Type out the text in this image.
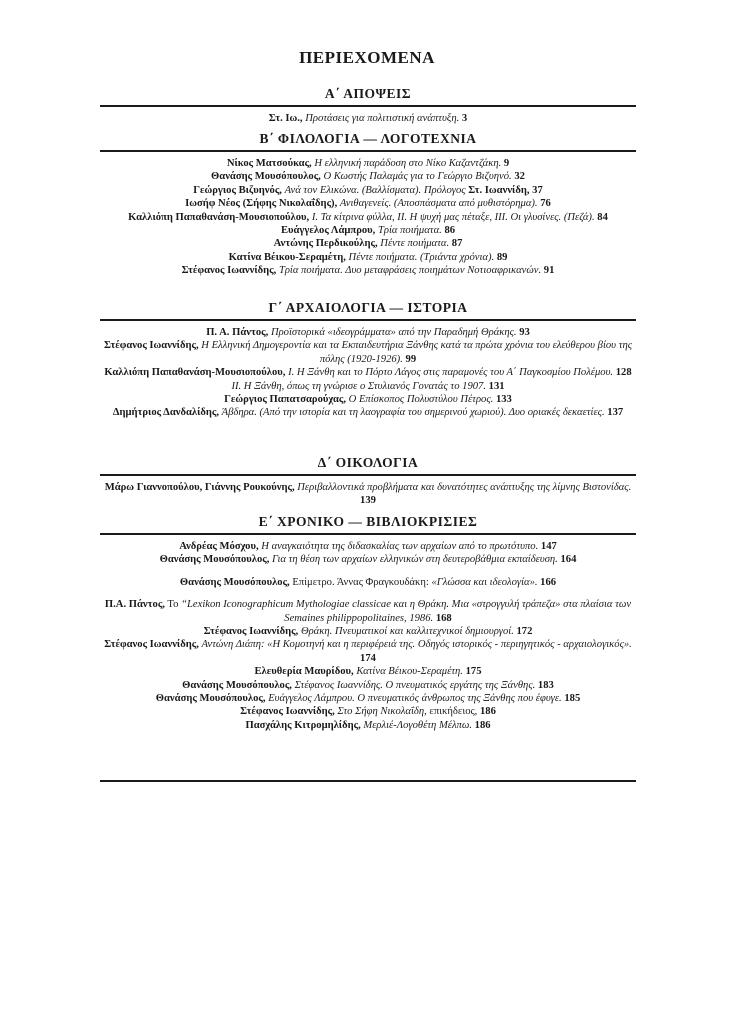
ΠΕΡΙΕΧΟΜΕΝΑ
Α΄ ΑΠΟΨΕΙΣ
Στ. Ιω., Προτάσεις για πολιτιστική ανάπτυξη. 3
Β΄ ΦΙΛΟΛΟΓΙΑ — ΛΟΓΟΤΕΧΝΙΑ
Νίκος Ματσούκας, Η ελληνική παράδοση στο Νίκο Καζαντζάκη. 9
Θανάσης Μουσόπουλος, Ο Κωστής Παλαμάς για το Γεώργιο Βιζυηνό. 32
Γεώργιος Βιζυηνός, Ανά τον Ελικώνα. (Βαλλίσματα). Πρόλογος Στ. Ιωαννίδη, 37
Ιωσήφ Νέος (Σήφης Νικολαΐδης), Ανιθαγενείς. (Αποσπάσματα από μυθιστόρημα). 76
Καλλιόπη Παπαθανάση-Μουσιοπούλου, Ι. Τα κίτρινα φύλλα, ΙΙ. Η ψυχή μας πέταξε, ΙΙΙ. Οι γλυσίνες. (Πεζά). 84
Ευάγγελος Λάμπρου, Τρία ποιήματα. 86
Αντώνης Περδικούλης, Πέντε ποιήματα. 87
Κατίνα Βέικου-Σεραμέτη, Πέντε ποιήματα. (Τριάντα χρόνια). 89
Στέφανος Ιωαννίδης, Τρία ποιήματα. Δυο μεταφράσεις ποιημάτων Νοτιοαφρικανών. 91
Γ΄ ΑΡΧΑΙΟΛΟΓΙΑ — ΙΣΤΟΡΙΑ
Π. Α. Πάντος, Προϊστορικά «ιδεογράμματα» από την Παραδημή Θράκης. 93
Στέφανος Ιωαννίδης, Η Ελληνική Δημογεροντία και τα Εκπαιδευτήρια Ξάνθης κατά τα πρώτα χρόνια του ελεύθερου βίου της πόλης (1920-1926). 99
Καλλιόπη Παπαθανάση-Μουσιοπούλου, Ι. Η Ξάνθη και το Πόρτο Λάγος στις παραμονές του Α΄ Παγκοσμίου Πολέμου. 128
ΙΙ. Η Ξάνθη, όπως τη γνώρισε ο Στυλιανός Γονατάς το 1907. 131
Γεώργιος Παπατσαρούχας, Ο Επίσκοπος Πολυστύλου Πέτρος. 133
Δημήτριος Δανδαλίδης, Άβδηρα. (Από την ιστορία και τη λαογραφία του σημερινού χωριού). Δυο οριακές δεκαετίες. 137
Δ΄ ΟΙΚΟΛΟΓΙΑ
Μάρω Γιαννοπούλου, Γιάννης Ρουκούνης, Περιβαλλοντικά προβλήματα και δυνατότητες ανάπτυξης της λίμνης Βιστονίδας. 139
Ε΄ ΧΡΟΝΙΚΟ — ΒΙΒΛΙΟΚΡΙΣΙΕΣ
Ανδρέας Μόσχου, Η αναγκαιότητα της διδασκαλίας των αρχαίων από το πρωτότυπο. 147
Θανάσης Μουσόπουλος, Για τη θέση των αρχαίων ελληνικών στη δευτεροβάθμια εκπαίδευση. 164
Θανάσης Μουσόπουλος, Επίμετρο. Άννας Φραγκουδάκη: «Γλώσσα και ιδεολογία». 166
Π.Α. Πάντος, Το “Lexikon Iconographicum Mythologiae classicae και η Θράκη. Μια «στρογγυλή τράπεζα» στα πλαίσια των Semaines philippopolitaines, 1986. 168
Στέφανος Ιωαννίδης, Θράκη. Πνευματικοί και καλλιτεχνικοί δημιουργοί. 172
Στέφανος Ιωαννίδης, Αντώνη Διάπη: «Η Κομοτηνή και η περιφέρειά της. Οδηγός ιστορικός - περιηγητικός - αρχαιολογικός». 174
Ελευθερία Μαυρίδου, Κατίνα Βέικου-Σεραμέτη. 175
Θανάσης Μουσόπουλος, Στέφανος Ιωαννίδης. Ο πνευματικός εργάτης της Ξάνθης. 183
Θανάσης Μουσόπουλος, Ευάγγελος Λάμπρου. Ο πνευματικός άνθρωπος της Ξάνθης που έφυγε. 185
Στέφανος Ιωαννίδης, Στο Σήφη Νικολαΐδη, επικήδειος, 186
Πασχάλης Κιτρομηλίδης, Μερλιέ-Λογοθέτη Μέλπω. 186
